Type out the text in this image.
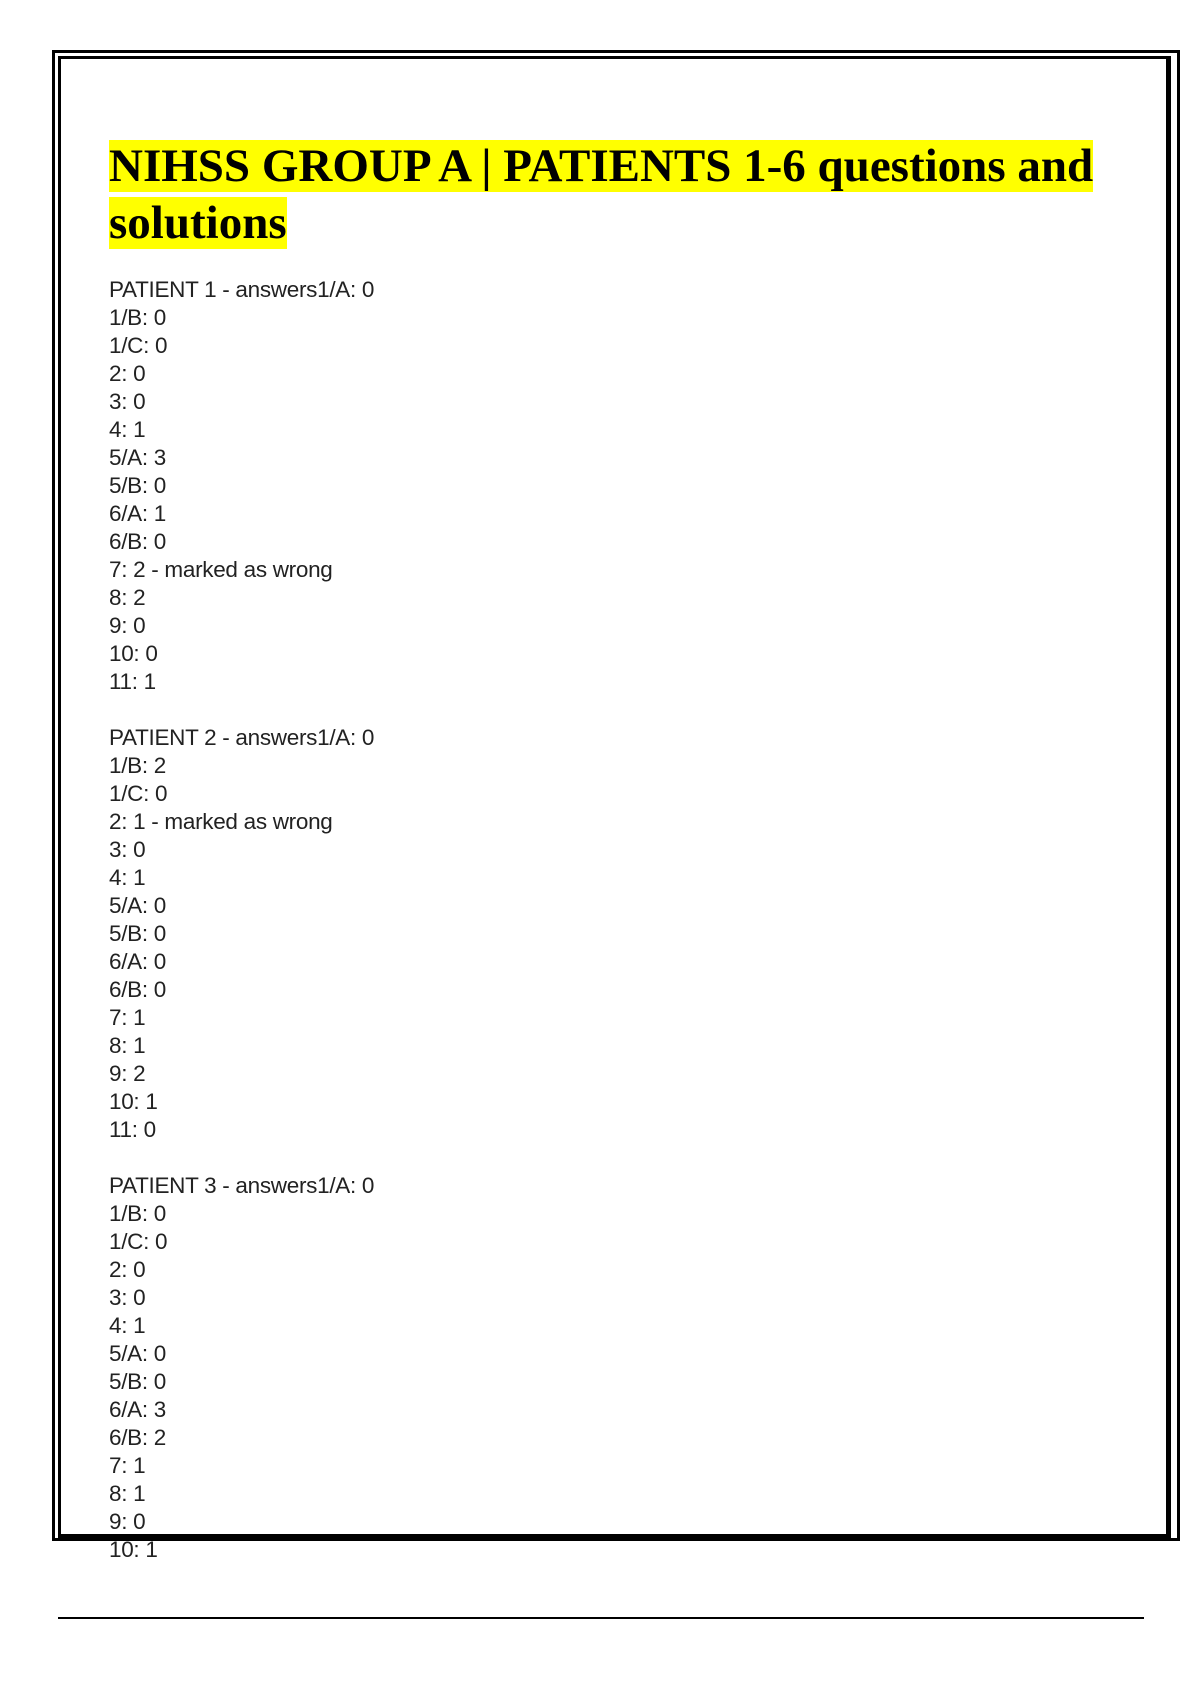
NIHSS GROUP A | PATIENTS 1-6 questions and solutions
PATIENT 1 - answers1/A: 0
1/B: 0
1/C: 0
2: 0
3: 0
4: 1
5/A: 3
5/B: 0
6/A: 1
6/B: 0
7: 2 - marked as wrong
8: 2
9: 0
10: 0
11: 1
PATIENT 2 - answers1/A: 0
1/B: 2
1/C: 0
2: 1 - marked as wrong
3: 0
4: 1
5/A: 0
5/B: 0
6/A: 0
6/B: 0
7: 1
8: 1
9: 2
10: 1
11: 0
PATIENT 3 - answers1/A: 0
1/B: 0
1/C: 0
2: 0
3: 0
4: 1
5/A: 0
5/B: 0
6/A: 3
6/B: 2
7: 1
8: 1
9: 0
10: 1
